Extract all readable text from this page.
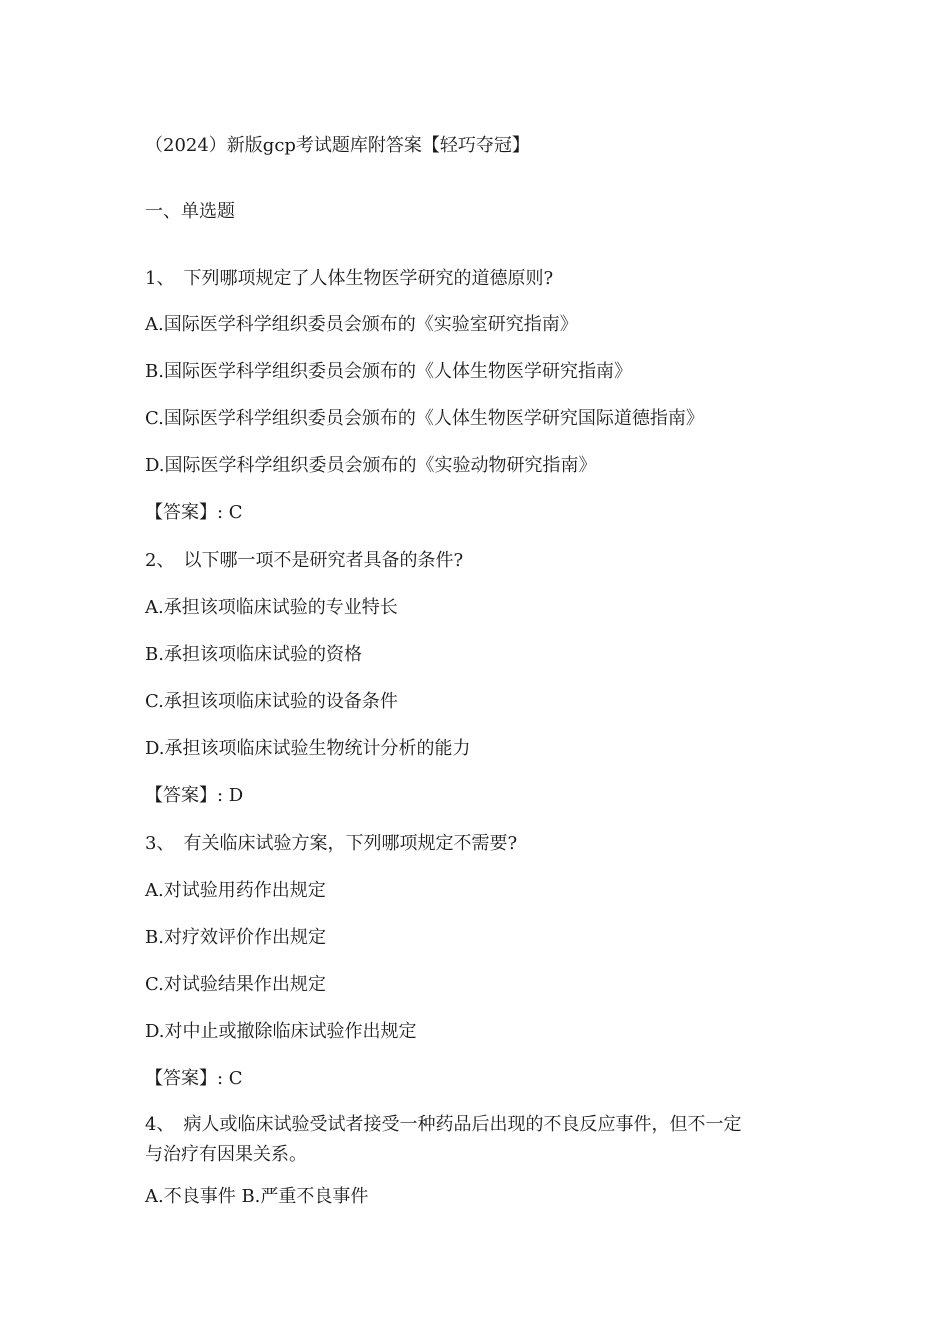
（2024）新版gcp考试题库附答案【轻巧夺冠】
一、单选题
1、　下列哪项规定了人体生物医学研究的道德原则?
A.国际医学科学组织委员会颁布的《实验室研究指南》
B.国际医学科学组织委员会颁布的《人体生物医学研究指南》
C.国际医学科学组织委员会颁布的《人体生物医学研究国际道德指南》
D.国际医学科学组织委员会颁布的《实验动物研究指南》
【答案】: C
2、　以下哪一项不是研究者具备的条件?
A.承担该项临床试验的专业特长
B.承担该项临床试验的资格
C.承担该项临床试验的设备条件
D.承担该项临床试验生物统计分析的能力
【答案】: D
3、　有关临床试验方案，下列哪项规定不需要?
A.对试验用药作出规定
B.对疗效评价作出规定
C.对试验结果作出规定
D.对中止或撤除临床试验作出规定
【答案】: C
4、　病人或临床试验受试者接受一种药品后出现的不良反应事件，但不一定与治疗有因果关系。
A.不良事件 B.严重不良事件
